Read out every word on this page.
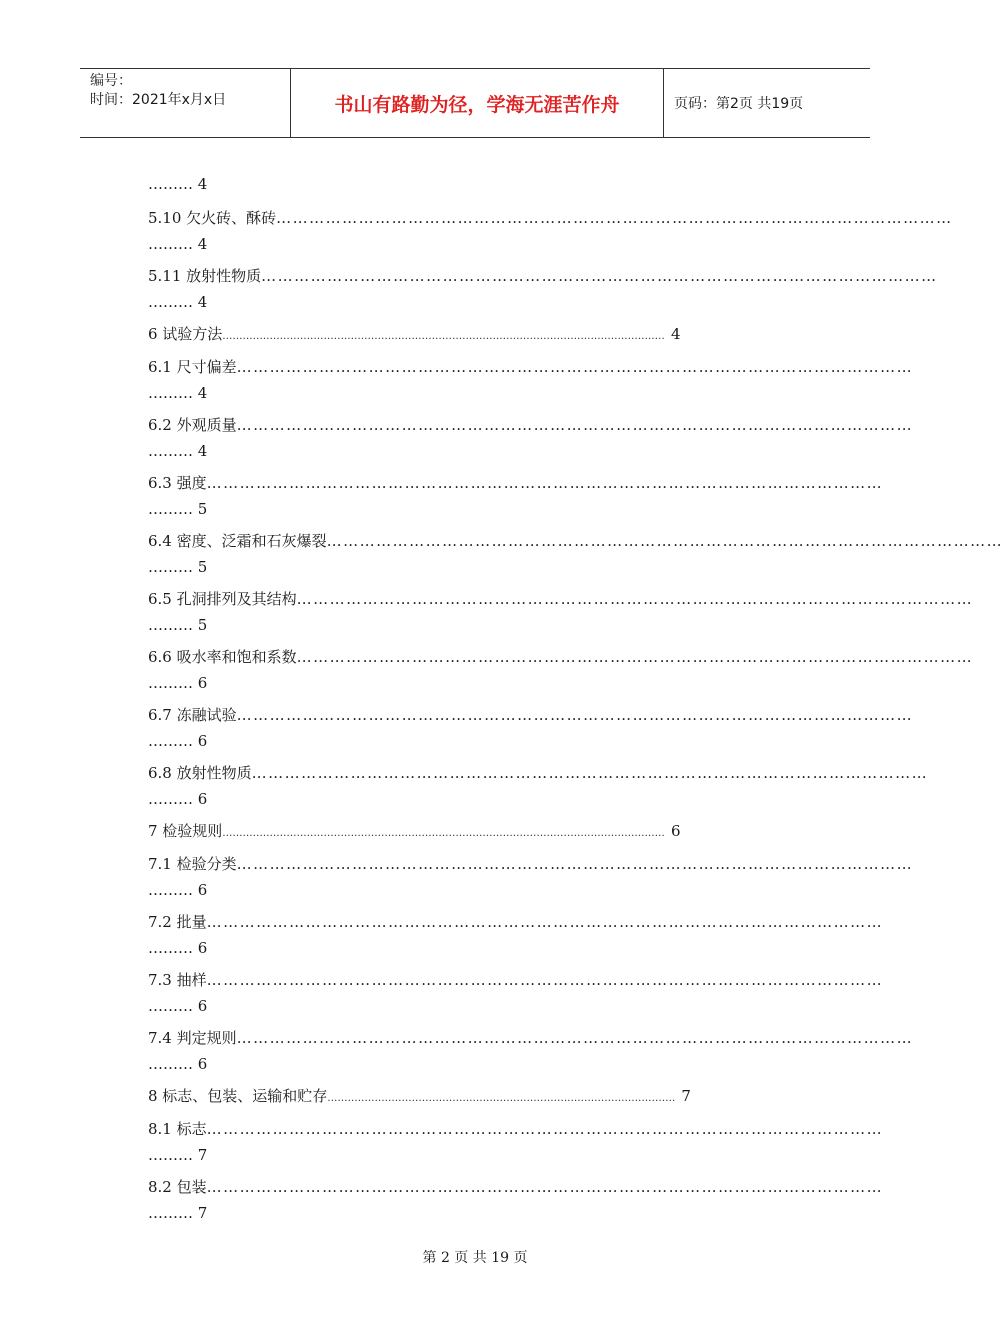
编号：
时间：2021年x月x日	书山有路勤为径，学海无涯苦作舟	页码：第2页 共19页
……… 4
5.10 欠火砖、酥砖 ……………………………………………………………………………………………………………
……… 4
5.11 放射性物质 ……………………………………………………………………………………………………………
……… 4
6 试验方法 ................................................................................................................................... 4
6.1 尺寸偏差 ……………………………………………………………………………………………………………
……… 4
6.2 外观质量 ……………………………………………………………………………………………………………
……… 4
6.3 强度 ……………………………………………………………………………………………………………
……… 5
6.4 密度、泛霜和石灰爆裂 ……………………………………………………………………………………………………………
……… 5
6.5 孔洞排列及其结构 ……………………………………………………………………………………………………………
……… 5
6.6 吸水率和饱和系数 ……………………………………………………………………………………………………………
……… 6
6.7 冻融试验 ……………………………………………………………………………………………………………
……… 6
6.8 放射性物质 ……………………………………………………………………………………………………………
……… 6
7 检验规则 ................................................................................................................................... 6
7.1 检验分类 ……………………………………………………………………………………………………………
……… 6
7.2 批量 ……………………………………………………………………………………………………………
……… 6
7.3 抽样 ……………………………………………………………………………………………………………
……… 6
7.4 判定规则 ……………………………………………………………………………………………………………
……… 6
8 标志、包装、运输和贮存 ....................................................................................................... 7
8.1 标志 ……………………………………………………………………………………………………………
……… 7
8.2 包装 ……………………………………………………………………………………………………………
……… 7
第 2 页 共 19 页
